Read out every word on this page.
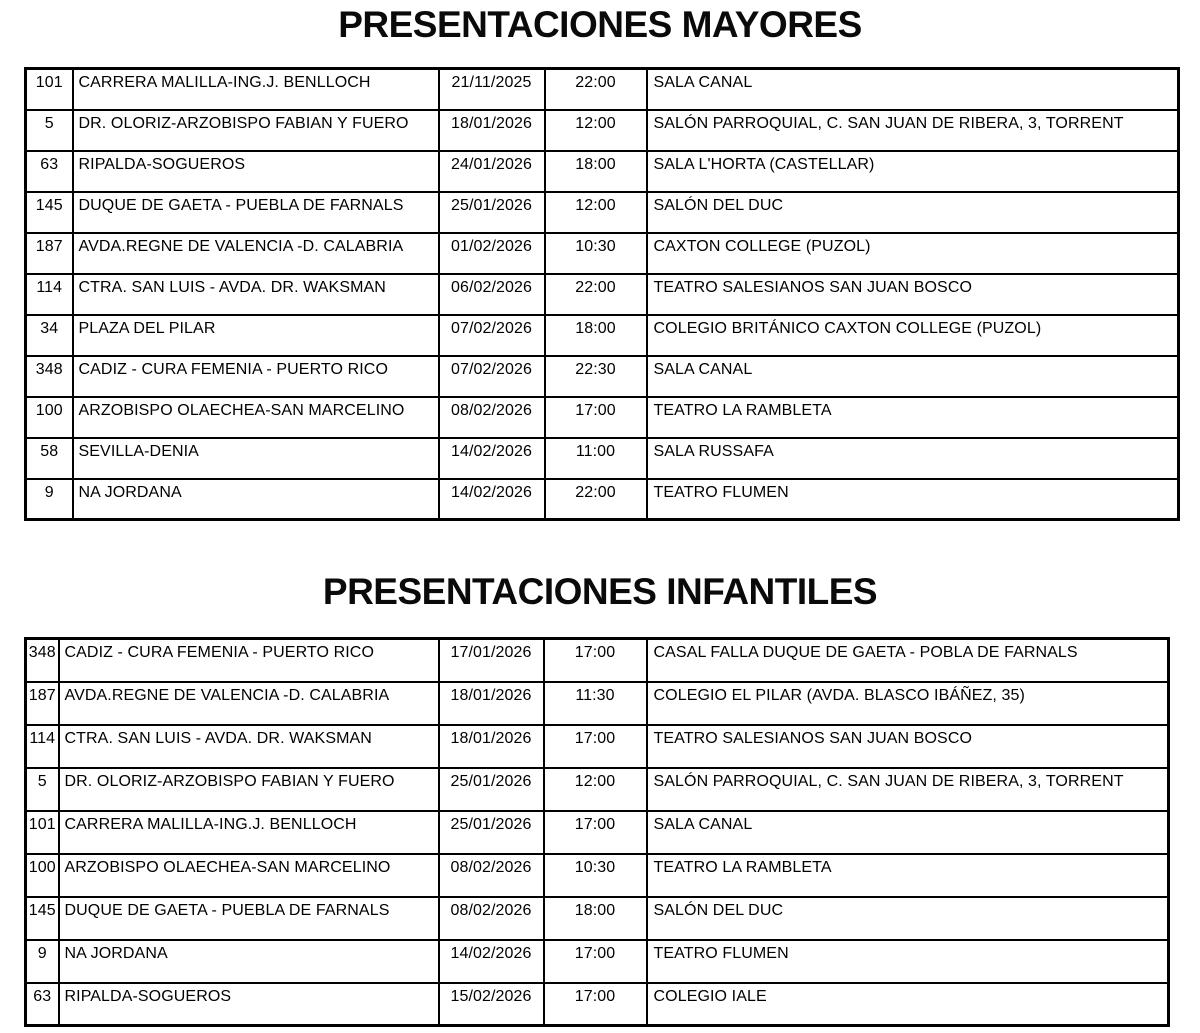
PRESENTACIONES MAYORES
101	CARRERA MALILLA-ING.J. BENLLOCH	21/11/2025	22:00	SALA CANAL
5	DR. OLORIZ-ARZOBISPO FABIAN Y FUERO	18/01/2026	12:00	SALÓN PARROQUIAL, C. SAN JUAN DE RIBERA, 3, TORRENT
63	RIPALDA-SOGUEROS	24/01/2026	18:00	SALA L'HORTA (CASTELLAR)
145	DUQUE DE GAETA - PUEBLA DE FARNALS	25/01/2026	12:00	SALÓN DEL DUC
187	AVDA.REGNE DE VALENCIA -D. CALABRIA	01/02/2026	10:30	CAXTON COLLEGE (PUZOL)
114	CTRA. SAN LUIS - AVDA. DR. WAKSMAN	06/02/2026	22:00	TEATRO SALESIANOS SAN JUAN BOSCO
34	PLAZA DEL PILAR	07/02/2026	18:00	COLEGIO BRITÁNICO CAXTON COLLEGE (PUZOL)
348	CADIZ - CURA FEMENIA - PUERTO RICO	07/02/2026	22:30	SALA CANAL
100	ARZOBISPO OLAECHEA-SAN MARCELINO	08/02/2026	17:00	TEATRO LA RAMBLETA
58	SEVILLA-DENIA	14/02/2026	11:00	SALA RUSSAFA
9	NA JORDANA	14/02/2026	22:00	TEATRO FLUMEN
PRESENTACIONES INFANTILES
348	CADIZ - CURA FEMENIA - PUERTO RICO	17/01/2026	17:00	CASAL FALLA DUQUE DE GAETA - POBLA DE FARNALS
187	AVDA.REGNE DE VALENCIA -D. CALABRIA	18/01/2026	11:30	COLEGIO EL PILAR (AVDA. BLASCO IBÁÑEZ, 35)
114	CTRA. SAN LUIS - AVDA. DR. WAKSMAN	18/01/2026	17:00	TEATRO SALESIANOS SAN JUAN BOSCO
5	DR. OLORIZ-ARZOBISPO FABIAN Y FUERO	25/01/2026	12:00	SALÓN PARROQUIAL, C. SAN JUAN DE RIBERA, 3, TORRENT
101	CARRERA MALILLA-ING.J. BENLLOCH	25/01/2026	17:00	SALA CANAL
100	ARZOBISPO OLAECHEA-SAN MARCELINO	08/02/2026	10:30	TEATRO LA RAMBLETA
145	DUQUE DE GAETA - PUEBLA DE FARNALS	08/02/2026	18:00	SALÓN DEL DUC
9	NA JORDANA	14/02/2026	17:00	TEATRO FLUMEN
63	RIPALDA-SOGUEROS	15/02/2026	17:00	COLEGIO IALE
